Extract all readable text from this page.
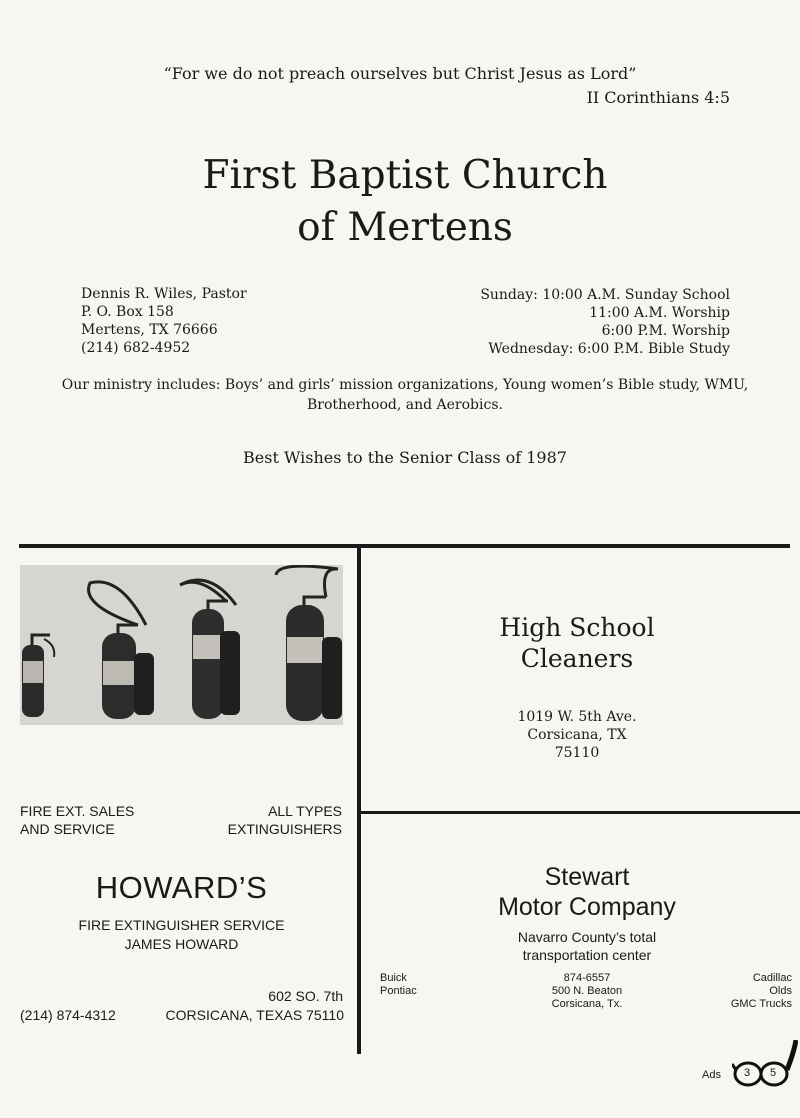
“For we do not preach ourselves but Christ Jesus as Lord”
II Corinthians 4:5
First Baptist Church
of Mertens
Dennis R. Wiles, Pastor
P. O. Box 158
Mertens, TX 76666
(214) 682-4952
Sunday: 10:00 A.M. Sunday School
11:00 A.M. Worship
6:00 P.M. Worship
Wednesday: 6:00 P.M. Bible Study
Our ministry includes: Boys’ and girls’ mission organizations, Young women’s Bible study, WMU,
Brotherhood, and Aerobics.
Best Wishes to the Senior Class of 1987
FIRE EXT. SALES
AND SERVICE
ALL TYPES
EXTINGUISHERS
HOWARD’S
FIRE EXTINGUISHER SERVICE
JAMES HOWARD
602 SO. 7th
(214) 874-4312	CORSICANA, TEXAS 75110
High School
Cleaners
1019 W. 5th Ave.
Corsicana, TX
75110
Stewart
Motor Company
Navarro County’s total
transportation center
Buick
Pontiac
874-6557
500 N. Beaton
Corsicana, Tx.
Cadillac
Olds
GMC Trucks
Ads 3 5
